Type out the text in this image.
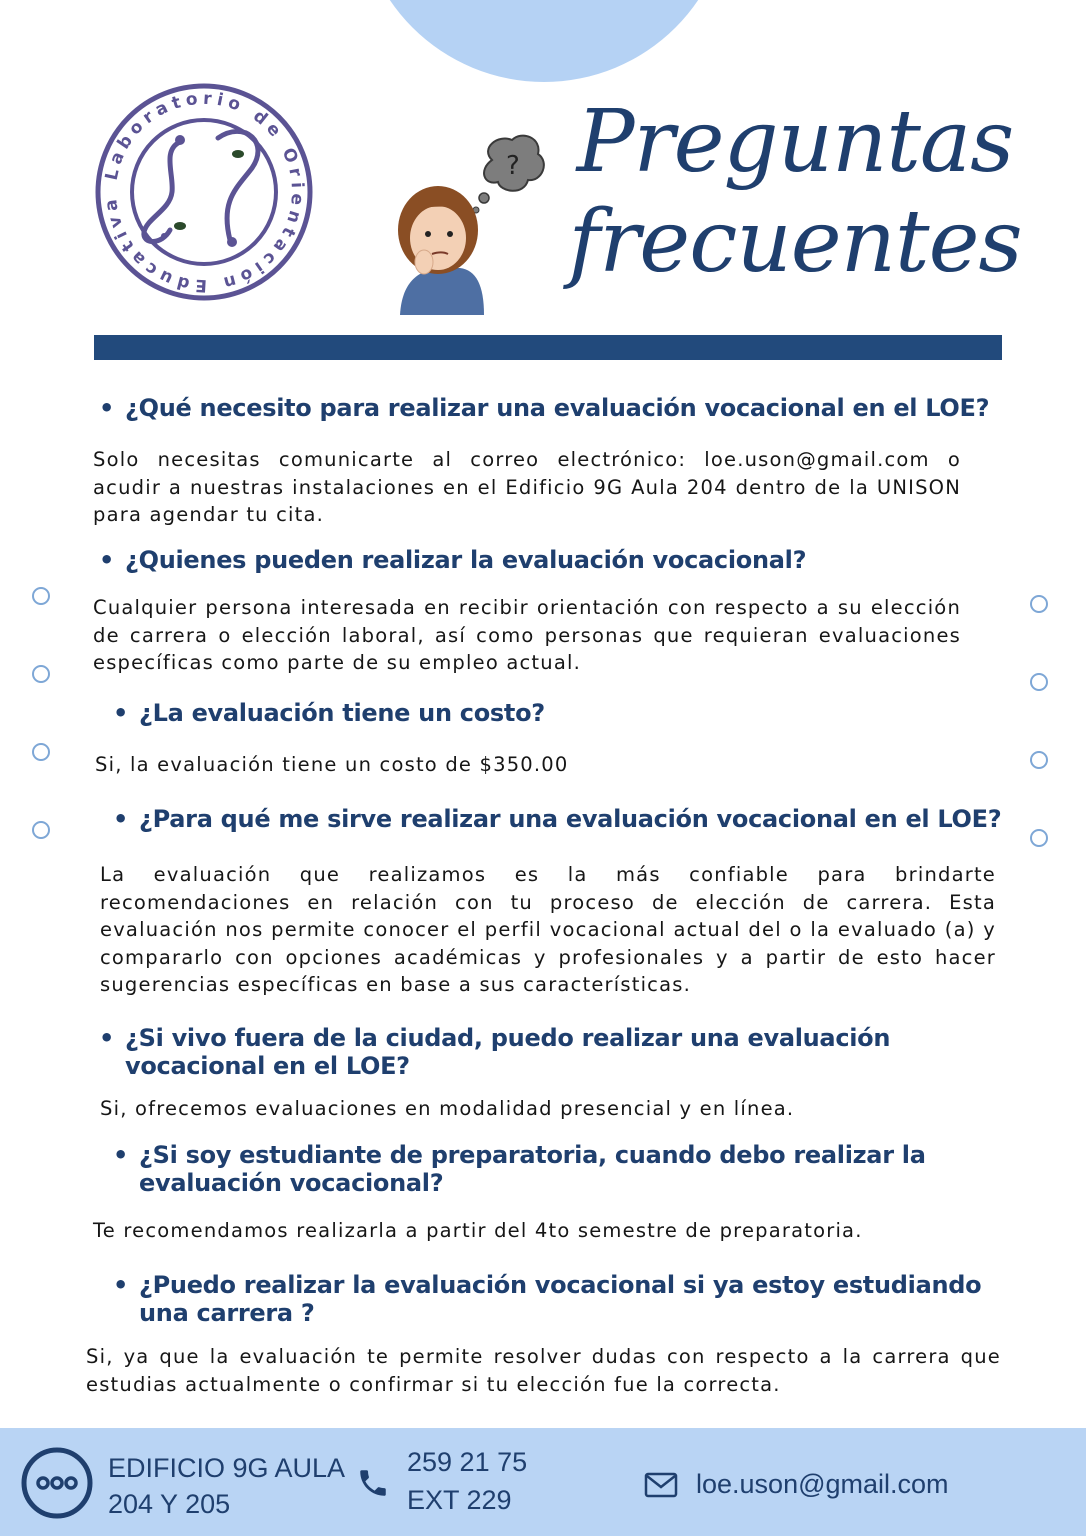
Laboratorio de Orientación Educativa
? Preguntas
frecuentes
• ¿Qué necesito para realizar una evaluación vocacional en el LOE?
Solo necesitas comunicarte al correo electrónico: loe.uson@gmail.com o acudir a nuestras instalaciones en el Edificio 9G Aula 204 dentro de la UNISON para agendar tu cita.
• ¿Quienes pueden realizar la evaluación vocacional?
Cualquier persona interesada en recibir orientación con respecto a su elección de carrera o elección laboral, así como personas que requieran evaluaciones específicas como parte de su empleo actual.
• ¿La evaluación tiene un costo?
Si, la evaluación tiene un costo de $350.00
• ¿Para qué me sirve realizar una evaluación vocacional en el LOE?
La evaluación que realizamos es la más confiable para brindarte recomendaciones en relación con tu proceso de elección de carrera. Esta evaluación nos permite conocer el perfil vocacional actual del o la evaluado (a) y compararlo con opciones académicas y profesionales y a partir de esto hacer sugerencias específicas en base a sus características.
• ¿Si vivo fuera de la ciudad, puedo realizar una evaluación vocacional en el LOE?
Si, ofrecemos evaluaciones en modalidad presencial y en línea.
• ¿Si soy estudiante de preparatoria, cuando debo realizar la evaluación vocacional?
Te recomendamos realizarla a partir del 4to semestre de preparatoria.
• ¿Puedo realizar la evaluación vocacional si ya estoy estudiando una carrera ?
Si, ya que la evaluación te permite resolver dudas con respecto a la carrera que estudias actualmente o confirmar si tu elección fue la correcta.
EDIFICIO 9G AULA
204 Y 205
259 21 75
EXT 229
loe.uson@gmail.com
